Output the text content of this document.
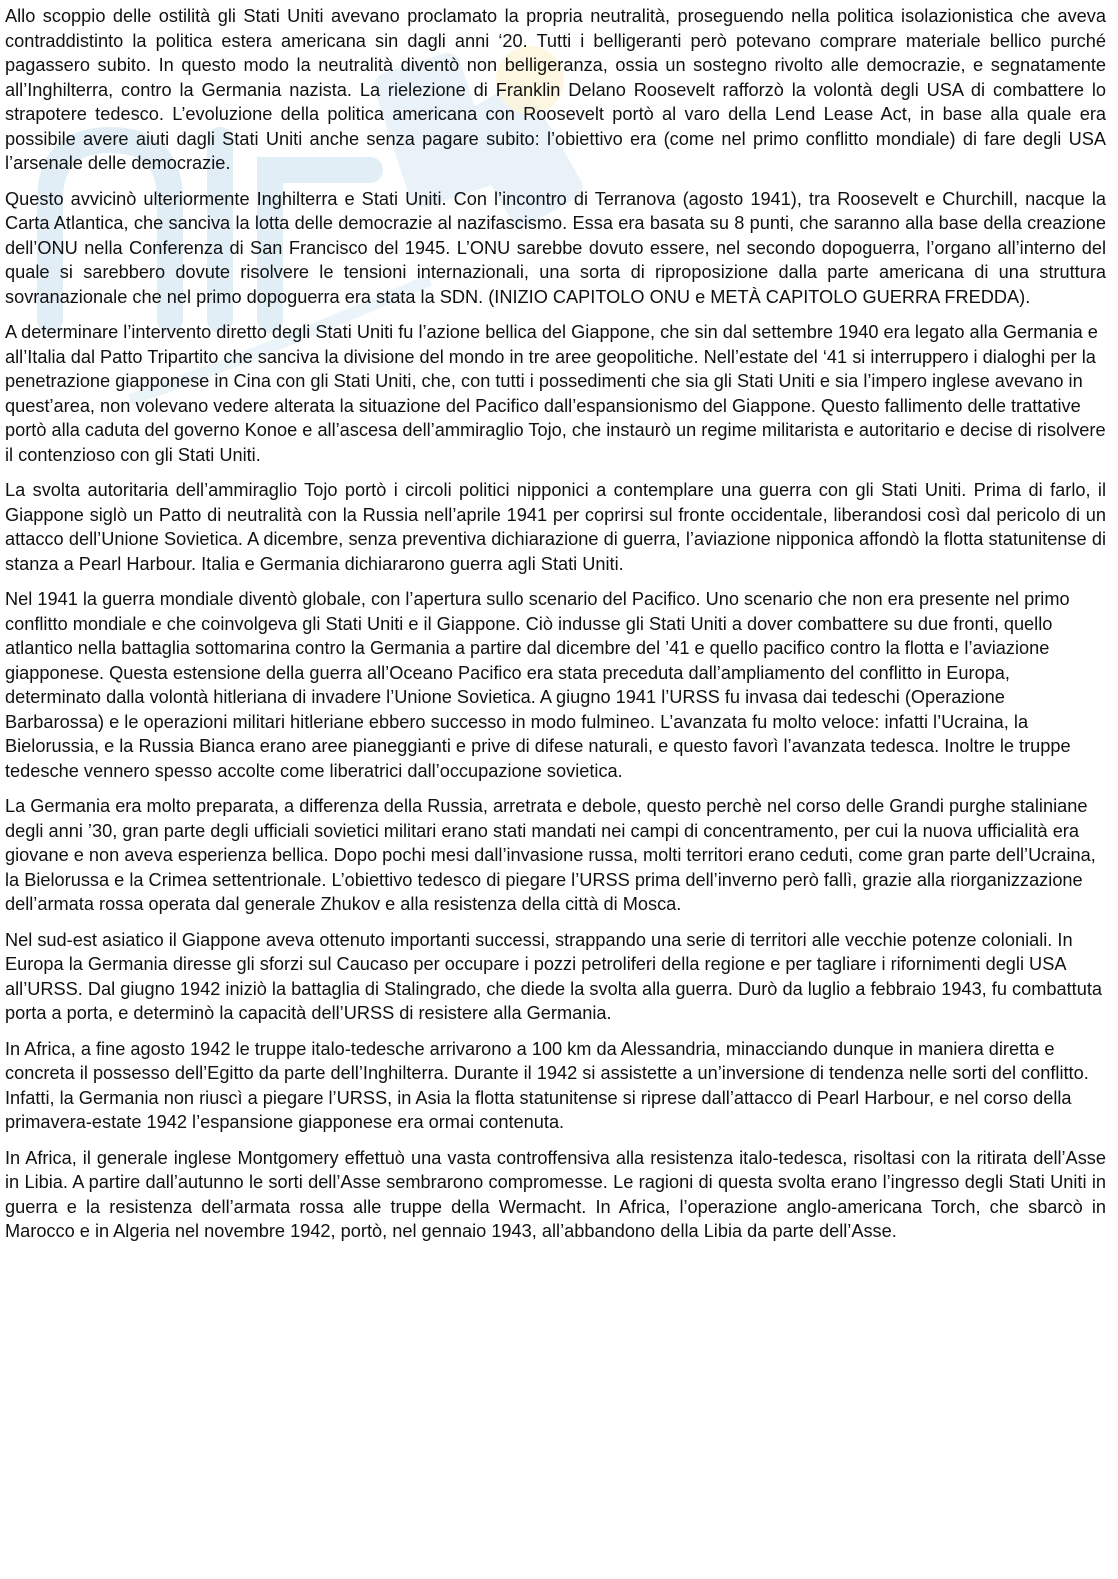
Allo scoppio delle ostilità gli Stati Uniti avevano proclamato la propria neutralità, proseguendo nella politica isolazionistica che aveva contraddistinto la politica estera americana sin dagli anni ‘20. Tutti i belligeranti però potevano comprare materiale bellico purché pagassero subito. In questo modo la neutralità diventò non belligeranza, ossia un sostegno rivolto alle democrazie, e segnatamente all’Inghilterra, contro la Germania nazista. La rielezione di Franklin Delano Roosevelt rafforzò la volontà degli USA di combattere lo strapotere tedesco. L’evoluzione della politica americana con Roosevelt portò al varo della Lend Lease Act, in base alla quale era possibile avere aiuti dagli Stati Uniti anche senza pagare subito: l’obiettivo era (come nel primo conflitto mondiale) di fare degli USA l’arsenale delle democrazie.

Questo avvicinò ulteriormente Inghilterra e Stati Uniti. Con l’incontro di Terranova (agosto 1941), tra Roosevelt e Churchill, nacque la Carta Atlantica, che sanciva la lotta delle democrazie al nazifascismo. Essa era basata su 8 punti, che saranno alla base della creazione dell’ONU nella Conferenza di San Francisco del 1945. L’ONU sarebbe dovuto essere, nel secondo dopoguerra, l’organo all’interno del quale si sarebbero dovute risolvere le tensioni internazionali, una sorta di riproposizione dalla parte americana di una struttura sovranazionale che nel primo dopoguerra era stata la SDN. (INIZIO CAPITOLO ONU e METÀ CAPITOLO GUERRA FREDDA).

A determinare l’intervento diretto degli Stati Uniti fu l’azione bellica del Giappone, che sin dal settembre 1940 era legato alla Germania e all’Italia dal Patto Tripartito che sanciva la divisione del mondo in tre aree geopolitiche. Nell’estate del ‘41 si interruppero i dialoghi per la penetrazione giapponese in Cina con gli Stati Uniti, che, con tutti i possedimenti che sia gli Stati Uniti e sia l’impero inglese avevano in quest’area, non volevano vedere alterata la situazione del Pacifico dall’espansionismo del Giappone. Questo fallimento delle trattative portò alla caduta del governo Konoe e all’ascesa dell’ammiraglio Tojo, che instaurò un regime militarista e autoritario e decise di risolvere il contenzioso con gli Stati Uniti.

La svolta autoritaria dell’ammiraglio Tojo portò i circoli politici nipponici a contemplare una guerra con gli Stati Uniti. Prima di farlo, il Giappone siglò un Patto di neutralità con la Russia nell’aprile 1941 per coprirsi sul fronte occidentale, liberandosi così dal pericolo di un attacco dell’Unione Sovietica. A dicembre, senza preventiva dichiarazione di guerra, l’aviazione nipponica affondò la flotta statunitense di stanza a Pearl Harbour. Italia e Germania dichiararono guerra agli Stati Uniti.

Nel 1941 la guerra mondiale diventò globale, con l’apertura sullo scenario del Pacifico. Uno scenario che non era presente nel primo conflitto mondiale e che coinvolgeva gli Stati Uniti e il Giappone. Ciò indusse gli Stati Uniti a dover combattere su due fronti, quello atlantico nella battaglia sottomarina contro la Germania a partire dal dicembre del ’41 e quello pacifico contro la flotta e l’aviazione giapponese. Questa estensione della guerra all’Oceano Pacifico era stata preceduta dall’ampliamento del conflitto in Europa, determinato dalla volontà hitleriana di invadere l’Unione Sovietica. A giugno 1941 l’URSS fu invasa dai tedeschi (Operazione Barbarossa) e le operazioni militari hitleriane ebbero successo in modo fulmineo. L’avanzata fu molto veloce: infatti l’Ucraina, la Bielorussia, e la Russia Bianca erano aree pianeggianti e prive di difese naturali, e questo favorì l’avanzata tedesca. Inoltre le truppe tedesche vennero spesso accolte come liberatrici dall’occupazione sovietica.

La Germania era molto preparata, a differenza della Russia, arretrata e debole, questo perchè nel corso delle Grandi purghe staliniane degli anni ’30, gran parte degli ufficiali sovietici militari erano stati mandati nei campi di concentramento, per cui la nuova ufficialità era giovane e non aveva esperienza bellica. Dopo pochi mesi dall’invasione russa, molti territori erano ceduti, come gran parte dell’Ucraina, la Bielorussa e la Crimea settentrionale. L’obiettivo tedesco di piegare l’URSS prima dell’inverno però fallì, grazie alla riorganizzazione dell’armata rossa operata dal generale Zhukov e alla resistenza della città di Mosca.

Nel sud-est asiatico il Giappone aveva ottenuto importanti successi, strappando una serie di territori alle vecchie potenze coloniali. In Europa la Germania diresse gli sforzi sul Caucaso per occupare i pozzi petroliferi della regione e per tagliare i rifornimenti degli USA all’URSS. Dal giugno 1942 iniziò la battaglia di Stalingrado, che diede la svolta alla guerra. Durò da luglio a febbraio 1943, fu combattuta porta a porta, e determinò la capacità dell’URSS di resistere alla Germania.

In Africa, a fine agosto 1942 le truppe italo-tedesche arrivarono a 100 km da Alessandria, minacciando dunque in maniera diretta e concreta il possesso dell’Egitto da parte dell’Inghilterra. Durante il 1942 si assistette a un’inversione di tendenza nelle sorti del conflitto. Infatti, la Germania non riuscì a piegare l’URSS, in Asia la flotta statunitense si riprese dall’attacco di Pearl Harbour, e nel corso della primavera-estate 1942 l’espansione giapponese era ormai contenuta.

In Africa, il generale inglese Montgomery effettuò una vasta controffensiva alla resistenza italo-tedesca, risoltasi con la ritirata dell’Asse in Libia. A partire dall’autunno le sorti dell’Asse sembrarono compromesse. Le ragioni di questa svolta erano l’ingresso degli Stati Uniti in guerra e la resistenza dell’armata rossa alle truppe della Wermacht. In Africa, l’operazione anglo-americana Torch, che sbarcò in Marocco e in Algeria nel novembre 1942, portò, nel gennaio 1943, all’abbandono della Libia da parte dell’Asse.
